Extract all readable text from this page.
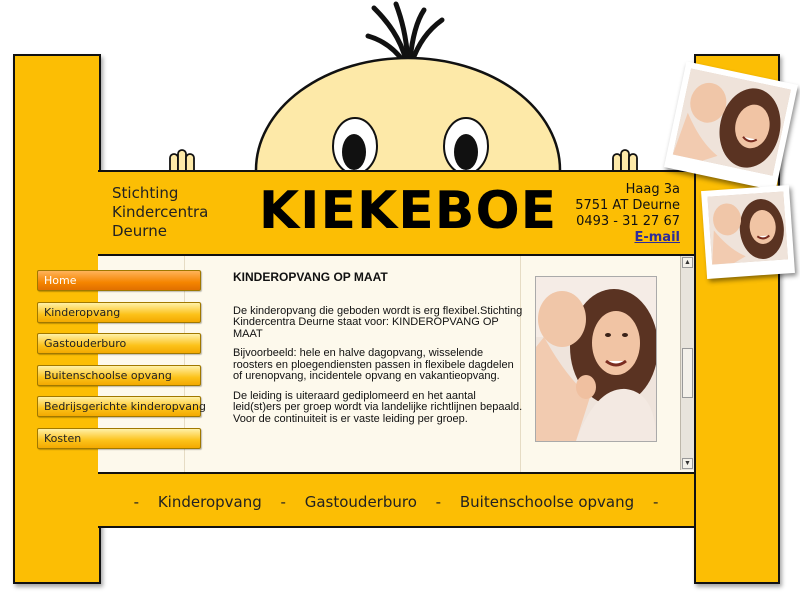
Stichting
Kindercentra
Deurne	KIEKEBOE	Haag 3a
5751 AT Deurne
0493 - 31 27 67
E-mail
Home
Kinderopvang
Gastouderburo
Buitenschoolse opvang
Bedrijsgerichte kinderopvang
Kosten
KINDEROPVANG OP MAAT

De kinderopvang die geboden wordt is erg flexibel.Stichting Kindercentra Deurne staat voor: KINDEROPVANG OP MAAT

Bijvoorbeeld: hele en halve dagopvang, wisselende roosters en ploegendiensten passen in flexibele dagdelen of urenopvang, incidentele opvang en vakantieopvang.

De leiding is uiteraard gediplomeerd en het aantal leid(st)ers per groep wordt via landelijke richtlijnen bepaald.

Voor de continuiteit is er vaste leiding per groep.

▲
▼
- Kinderopvang - Gastouderburo - Buitenschoolse opvang -
